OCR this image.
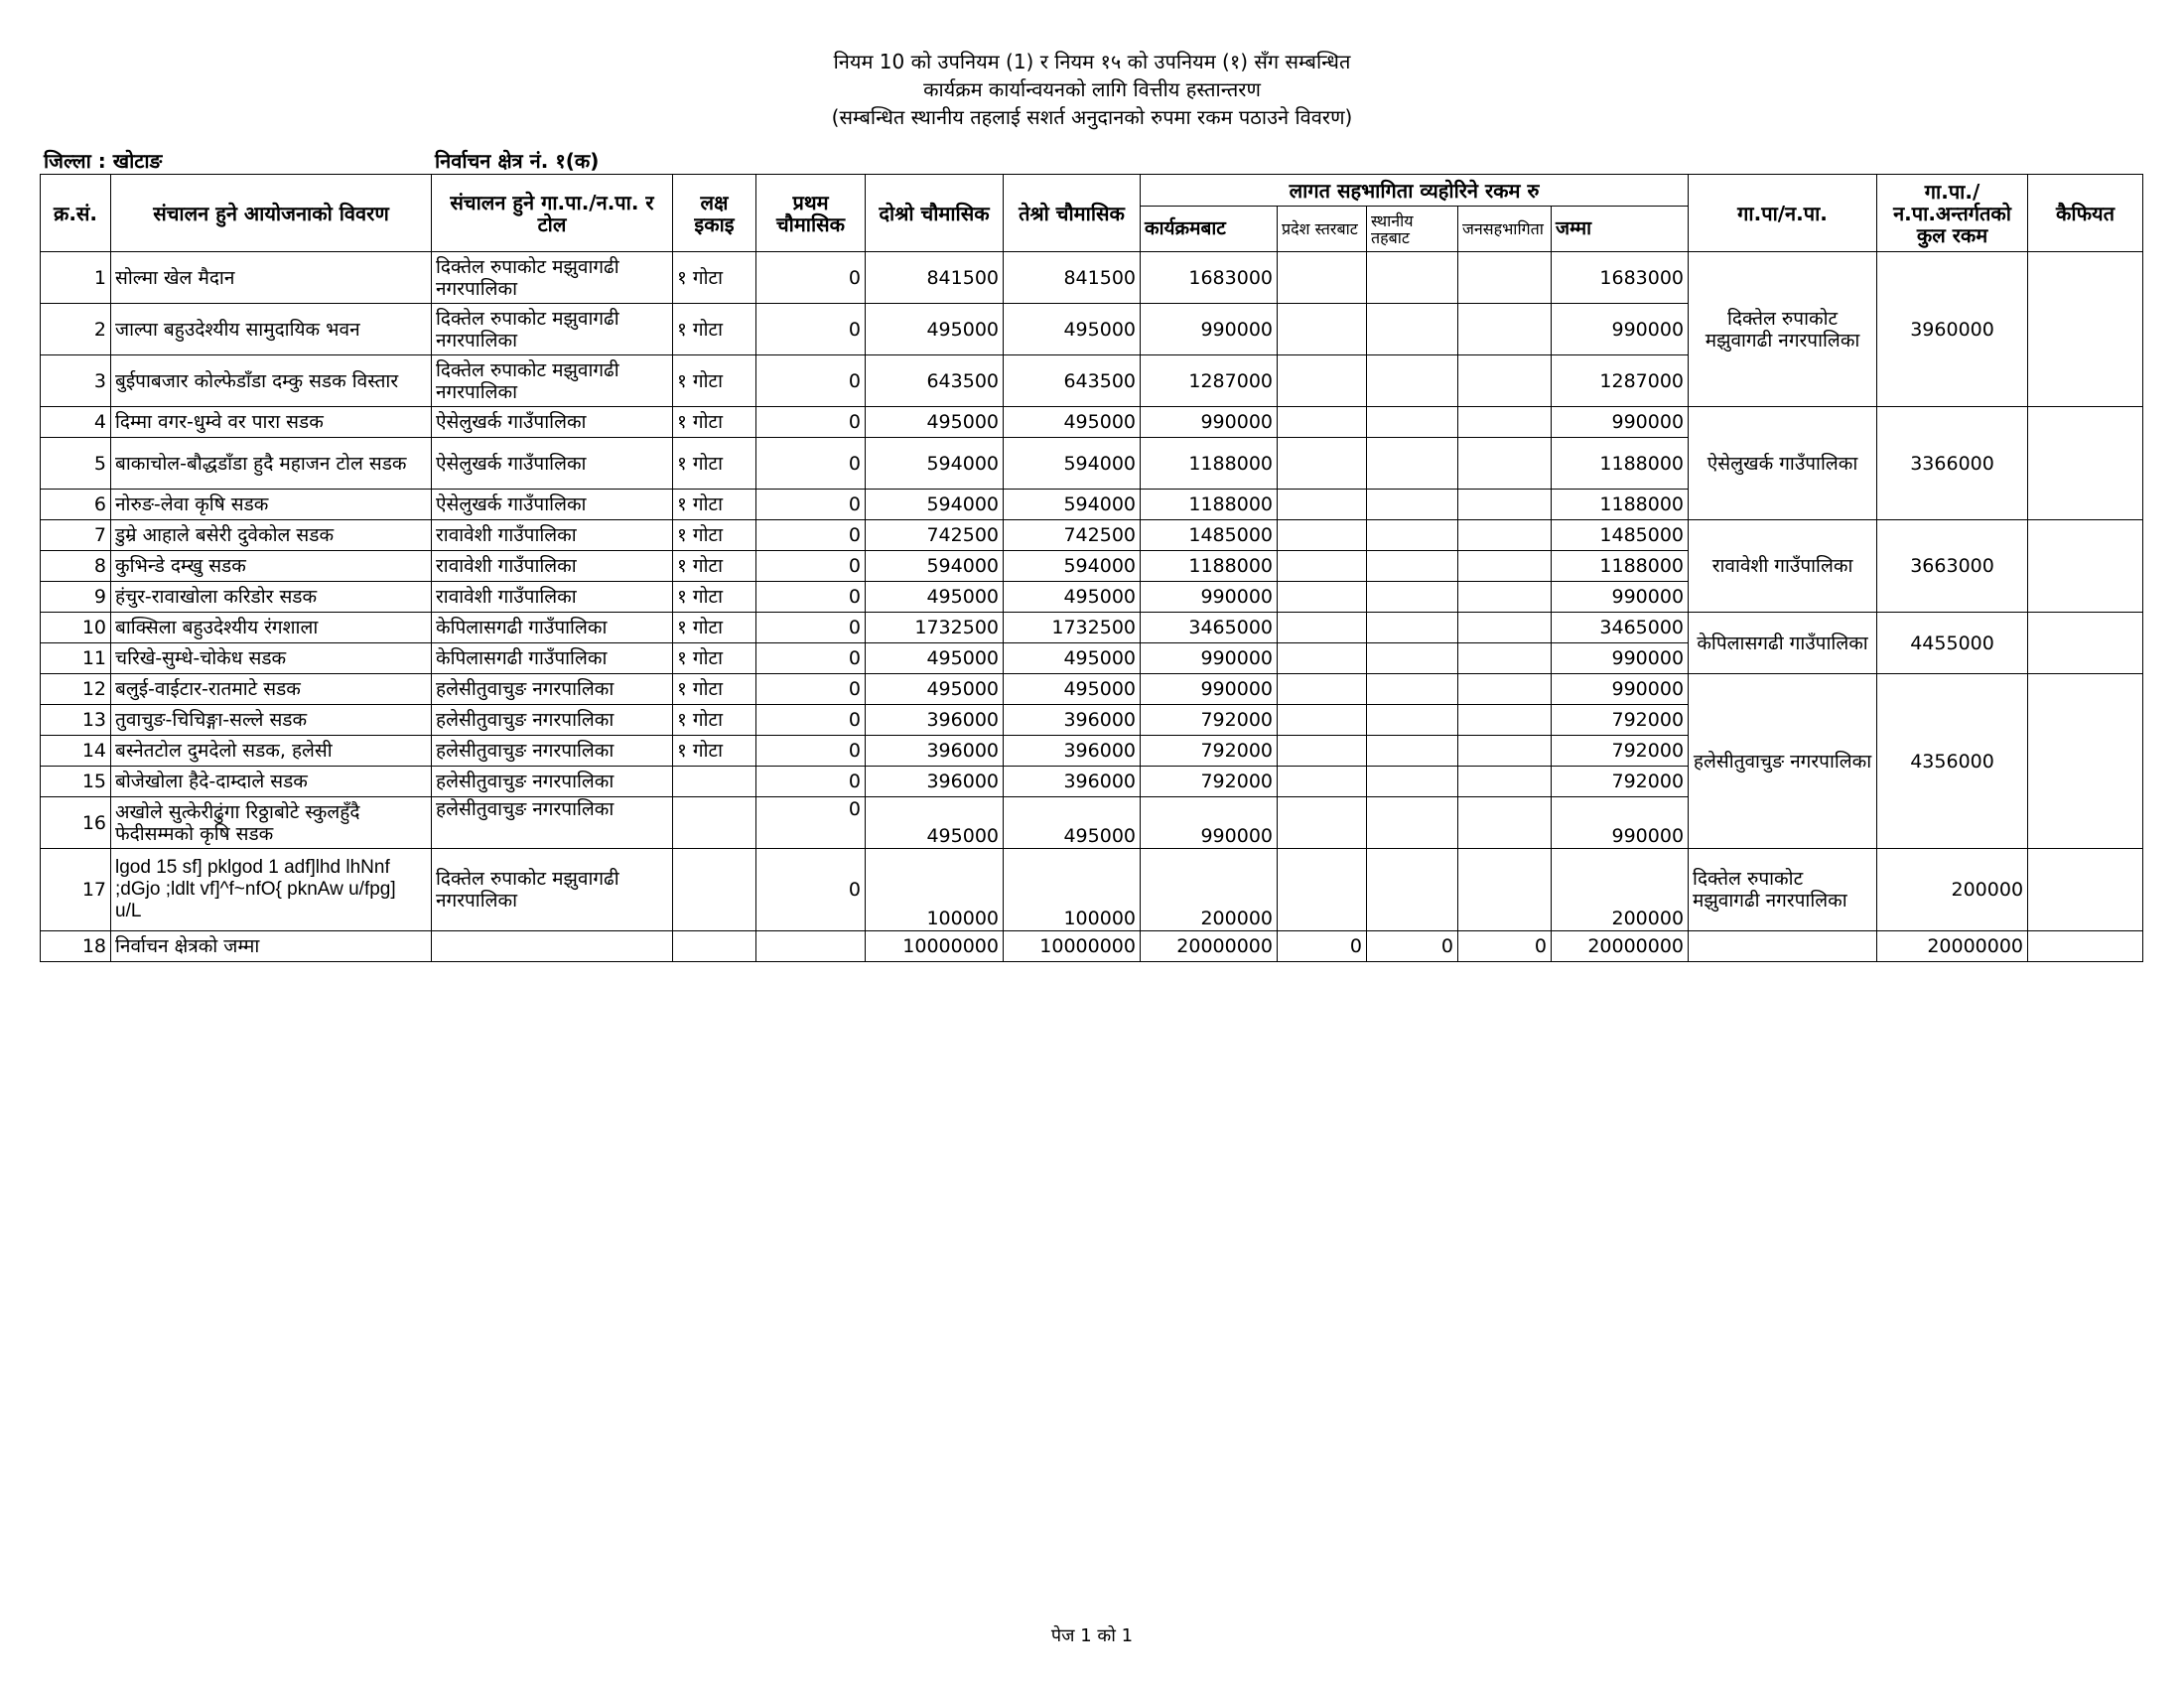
नियम 10 को उपनियम (1) र नियम १५ को उपनियम (१) सँग सम्बन्धित
कार्यक्रम कार्यान्वयनको लागि वित्तीय हस्तान्तरण
(सम्बन्धित स्थानीय तहलाई सशर्त अनुदानको रुपमा रकम पठाउने विवरण)
जिल्ला : खोटाङ	निर्वाचन क्षेत्र नं. १(क)
क्र.सं.	संचालन हुने आयोजनाको विवरण	संचालन हुने गा.पा./न.पा. र टोल	लक्ष इकाइ	प्रथम चौमासिक	दोश्रो चौमासिक	तेश्रो चौमासिक	लागत सहभागिता व्यहोरिने रकम रु					गा.पा/न.पा.	गा.पा./न.पा.अन्तर्गतको कुल रकम	कैफियत
							कार्यक्रमबाट	प्रदेश स्तरबाट	स्थानीय तहबाट	जनसहभागिता	जम्मा			
1	सोल्मा खेल मैदान	दिक्तेल रुपाकोट मझुवागढी नगरपालिका	१ गोटा	0	841500	841500	1683000				1683000	दिक्तेल रुपाकोट मझुवागढी नगरपालिका	3960000	
2	जाल्पा बहुउदेश्यीय सामुदायिक भवन	दिक्तेल रुपाकोट मझुवागढी नगरपालिका	१ गोटा	0	495000	495000	990000				990000			
3	बुईपाबजार कोल्फेडाँडा दम्कु सडक विस्तार	दिक्तेल रुपाकोट मझुवागढी नगरपालिका	१ गोटा	0	643500	643500	1287000				1287000			
4	दिम्मा वगर-धुम्वे वर पारा सडक	ऐसेलुखर्क गाउँपालिका	१ गोटा	0	495000	495000	990000				990000	ऐसेलुखर्क गाउँपालिका	3366000	
5	बाकाचोल-बौद्धडाँडा हुदै महाजन टोल सडक	ऐसेलुखर्क गाउँपालिका	१ गोटा	0	594000	594000	1188000				1188000			
6	नोरुङ-लेवा कृषि सडक	ऐसेलुखर्क गाउँपालिका	१ गोटा	0	594000	594000	1188000				1188000			
7	डुम्रे आहाले बसेरी दुवेकोल सडक	रावावेशी गाउँपालिका	१ गोटा	0	742500	742500	1485000				1485000	रावावेशी गाउँपालिका	3663000	
8	कुभिन्डे दम्खु सडक	रावावेशी गाउँपालिका	१ गोटा	0	594000	594000	1188000				1188000			
9	हंचुर-रावाखोला करिडोर सडक	रावावेशी गाउँपालिका	१ गोटा	0	495000	495000	990000				990000			
10	बाक्सिला बहुउदेश्यीय रंगशाला	केपिलासगढी गाउँपालिका	१ गोटा	0	1732500	1732500	3465000				3465000	केपिलासगढी गाउँपालिका	4455000	
11	चरिखे-सुम्धे-चोकेध सडक	केपिलासगढी गाउँपालिका	१ गोटा	0	495000	495000	990000				990000			
12	बलुई-वाईटार-रातमाटे सडक	हलेसीतुवाचुङ नगरपालिका	१ गोटा	0	495000	495000	990000				990000	हलेसीतुवाचुङ नगरपालिका	4356000	
13	तुवाचुङ-चिचिङ्गा-सल्ले सडक	हलेसीतुवाचुङ नगरपालिका	१ गोटा	0	396000	396000	792000				792000			
14	बस्नेतटोल दुमदेलो सडक, हलेसी	हलेसीतुवाचुङ नगरपालिका	१ गोटा	0	396000	396000	792000				792000			
15	बोजेखोला हैदे-दाम्दाले सडक	हलेसीतुवाचुङ नगरपालिका		0	396000	396000	792000				792000			
16	अखोले सुत्केरीढुंगा रिठ्ठाबोटे स्कुलहुँदै फेदीसम्मको कृषि सडक	हलेसीतुवाचुङ नगरपालिका		0	495000	495000	990000				990000			
17	lgod 15 sf] pklgod 1 adf]lhd lhNnf ;dGjo ;ldlt vf]^f~nfO{ pknAw u/fpg] u/L	दिक्तेल रुपाकोट मझुवागढी नगरपालिका		0	100000	100000	200000				200000	दिक्तेल रुपाकोट मझुवागढी नगरपालिका	200000	
18	निर्वाचन क्षेत्रको जम्मा				10000000	10000000	20000000	0	0	0	20000000		20000000	
पेज 1 को 1
